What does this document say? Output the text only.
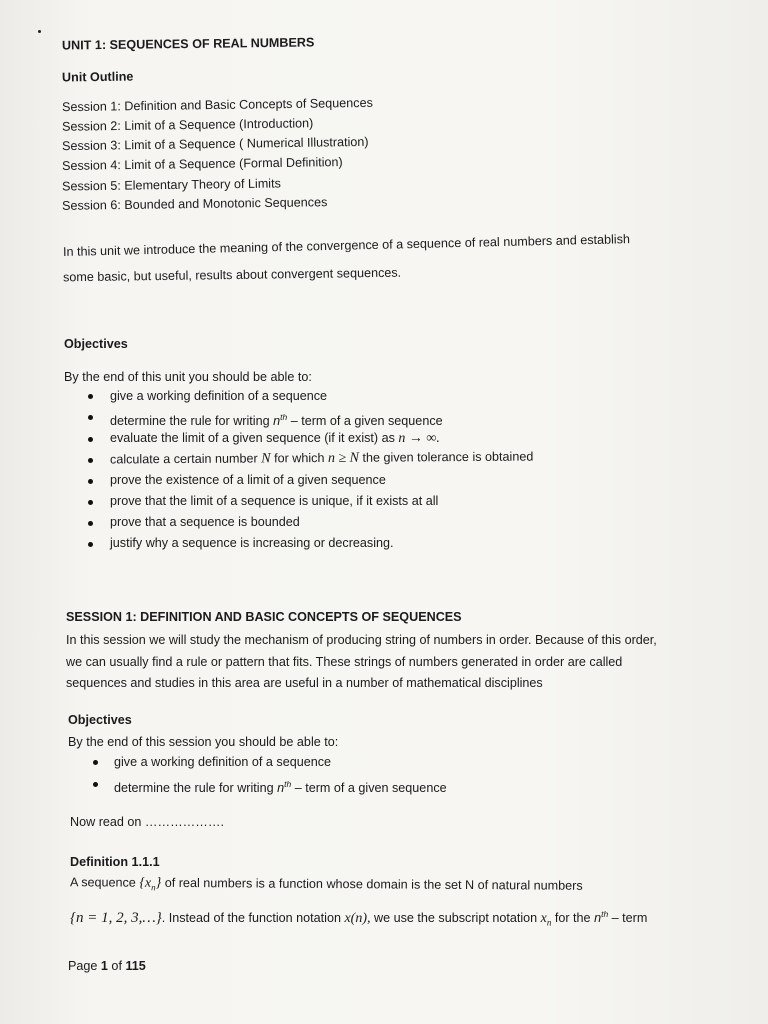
UNIT 1: SEQUENCES OF REAL NUMBERS
Unit Outline
Session 1: Definition and Basic Concepts of Sequences
Session 2: Limit of a Sequence (Introduction)
Session 3: Limit of a Sequence ( Numerical Illustration)
Session 4: Limit of a Sequence (Formal Definition)
Session 5: Elementary Theory of Limits
Session 6: Bounded and Monotonic Sequences
In this unit we introduce the meaning of the convergence of a sequence of real numbers and establish
some basic, but useful, results about convergent sequences.
Objectives
By the end of this unit you should be able to:
give a working definition of a sequence
determine the rule for writing $n^{th}$ – term of a given sequence
evaluate the limit of a given sequence (if it exist) as n → ∞.
calculate a certain number N for which n ≥ N the given tolerance is obtained
prove the existence of a limit of a given sequence
prove that the limit of a sequence is unique, if it exists at all
prove that a sequence is bounded
justify why a sequence is increasing or decreasing.
SESSION 1: DEFINITION AND BASIC CONCEPTS OF SEQUENCES
In this session we will study the mechanism of producing string of numbers in order. Because of this order,
we can usually find a rule or pattern that fits. These strings of numbers generated in order are called
sequences and studies in this area are useful in a number of mathematical disciplines
Objectives
By the end of this session you should be able to:
give a working definition of a sequence
determine the rule for writing $n^{th}$ – term of a given sequence
Now read on ……………….
Definition 1.1.1
A sequence $\{x_n\}$ of real numbers is a function whose domain is the set N of natural numbers
{n = 1, 2, 3,…}. Instead of the function notation x(n), we use the subscript notation $x_n$ for the $n^{th}$ – term
Page 1 of 115
